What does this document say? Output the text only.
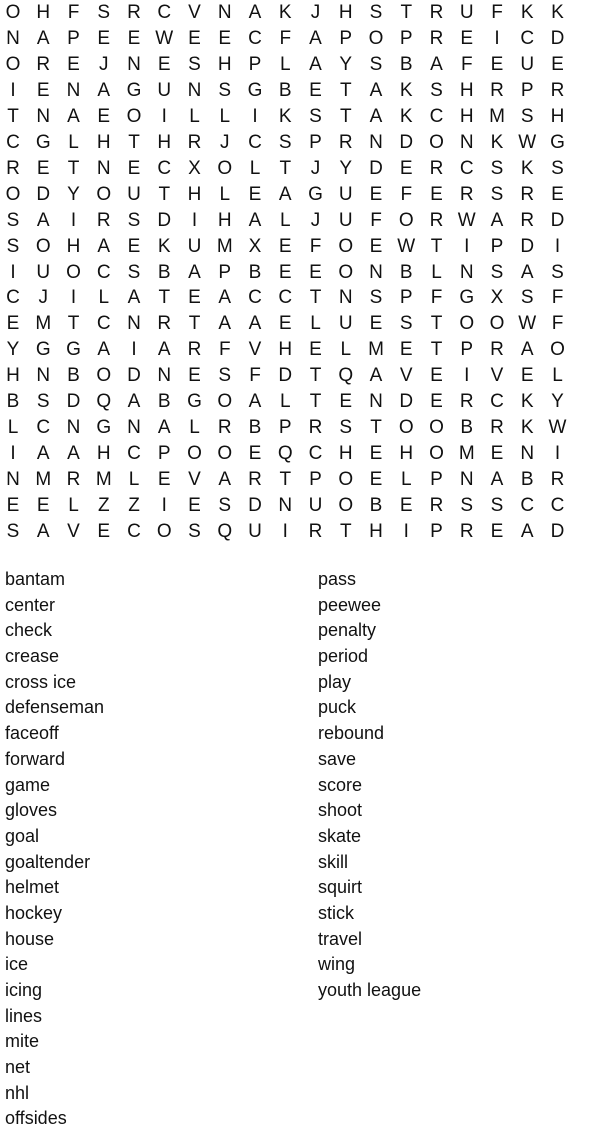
O H F S R C V N A K	J H S T R U F K K
N A P E E W E E C F A P O P R E	I	C D
O R E	J N E S H P L A Y S B A F E U E
I	E N A G U N S G B E T A K S H R P R
T N A E O	I	L	L	I	K S T A K C H M S H
C G L H T H R J C S P R N D O N K W G
R E T N E C X O L	T	J	Y D E R C S K S
O D Y O U T H L E A G U E F E R S R E
S A	I	R S D	I	H A L	J U F O R W A R D
S O H A E K U M X E F O E W T	I	P D	I
I	U O C S B A P B E E O N B L N S A S
C J	I	L A T E A C C T N S P F G X S F
E M T C N R T A A E L U E S T O O W F
Y G G A	I	A R F V H E L M E T P R A O
H N B O D N E S F D T Q A V E	I	V E L
B S D Q A B G O A L	T E N D E R C K Y
L C N G N A L R B P R S T O O B R K W
I	A A H C P O O E Q C H E H O M E N	I
N M R M L E V A R T P O E L P N A B R
E E L	Z Z	I	E S D N U O B E R S S C C
S A V E C O S Q U	I	R T H	I	P R E A D
bantam
center
check
crease
cross ice
defenseman
faceoff
forward
game
gloves
goal
goaltender
helmet
hockey
house
ice
icing
lines
mite
net
nhl
offsides
pass
peewee
penalty
period
play
puck
rebound
save
score
shoot
skate
skill
squirt
stick
travel
wing
youth league
